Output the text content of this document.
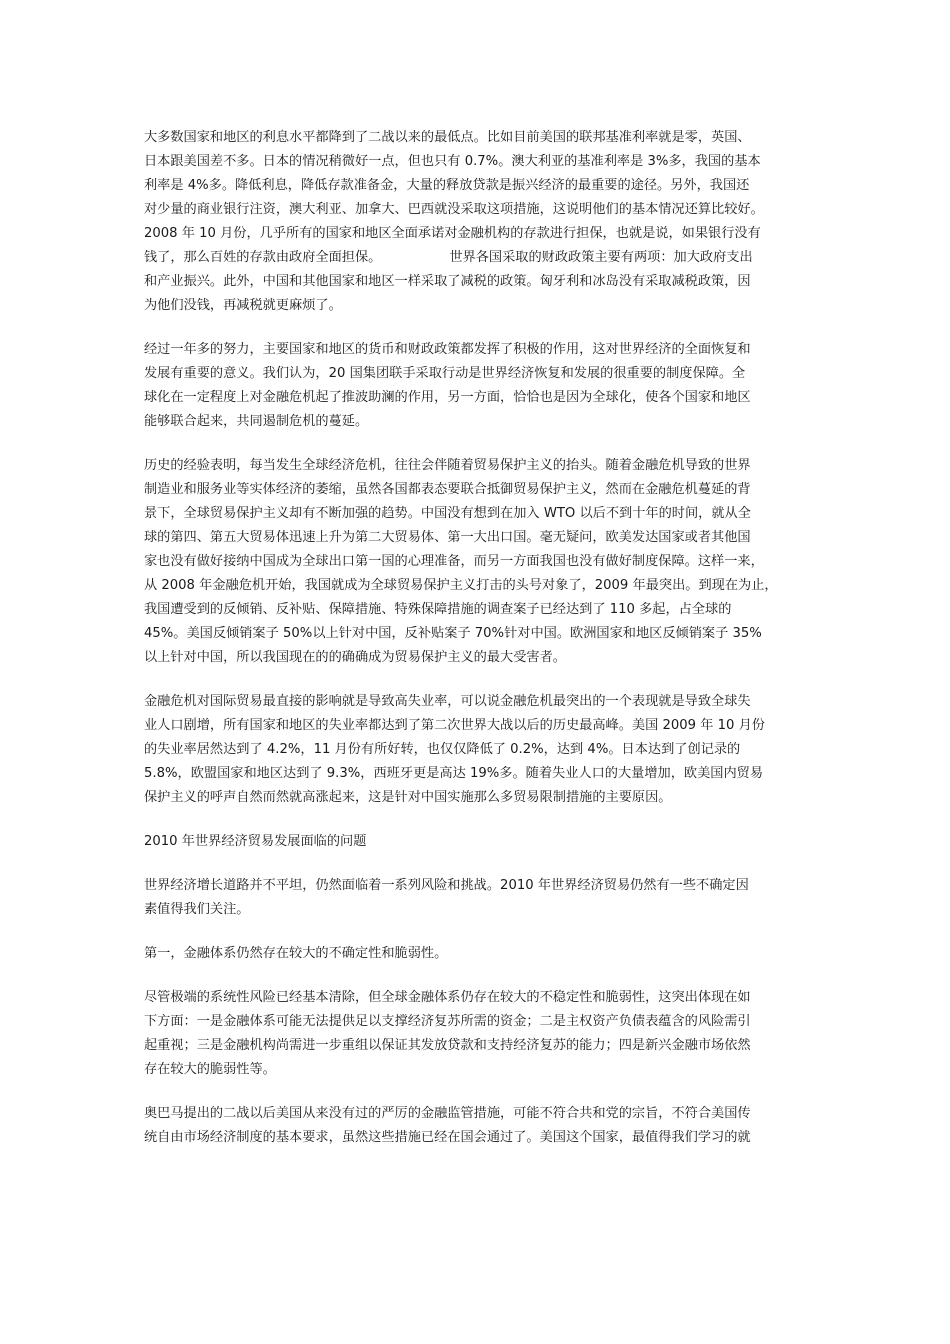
大多数国家和地区的利息水平都降到了二战以来的最低点。比如目前美国的联邦基准利率就是零，英国、
日本跟美国差不多。日本的情况稍微好一点，但也只有 0.7%。澳大利亚的基准利率是 3%多，我国的基本
利率是 4%多。降低利息，降低存款准备金，大量的释放贷款是振兴经济的最重要的途径。另外，我国还
对少量的商业银行注资，澳大利亚、加拿大、巴西就没采取这项措施，这说明他们的基本情况还算比较好。
2008 年 10 月份，几乎所有的国家和地区全面承诺对金融机构的存款进行担保，也就是说，如果银行没有
钱了，那么百姓的存款由政府全面担保。	世界各国采取的财政政策主要有两项：加大政府支出
和产业振兴。此外，中国和其他国家和地区一样采取了减税的政策。匈牙利和冰岛没有采取减税政策，因
为他们没钱，再减税就更麻烦了。
经过一年多的努力，主要国家和地区的货币和财政政策都发挥了积极的作用，这对世界经济的全面恢复和
发展有重要的意义。我们认为，20 国集团联手采取行动是世界经济恢复和发展的很重要的制度保障。全
球化在一定程度上对金融危机起了推波助澜的作用，另一方面，恰恰也是因为全球化，使各个国家和地区
能够联合起来，共同遏制危机的蔓延。
历史的经验表明，每当发生全球经济危机，往往会伴随着贸易保护主义的抬头。随着金融危机导致的世界
制造业和服务业等实体经济的萎缩，虽然各国都表态要联合抵御贸易保护主义，然而在金融危机蔓延的背
景下，全球贸易保护主义却有不断加强的趋势。中国没有想到在加入 WTO 以后不到十年的时间，就从全
球的第四、第五大贸易体迅速上升为第二大贸易体、第一大出口国。毫无疑问，欧美发达国家或者其他国
家也没有做好接纳中国成为全球出口第一国的心理准备，而另一方面我国也没有做好制度保障。这样一来，
从 2008 年金融危机开始，我国就成为全球贸易保护主义打击的头号对象了，2009 年最突出。到现在为止，
我国遭受到的反倾销、反补贴、保障措施、特殊保障措施的调查案子已经达到了 110 多起，占全球的
45%。美国反倾销案子 50%以上针对中国，反补贴案子 70%针对中国。欧洲国家和地区反倾销案子 35%
以上针对中国，所以我国现在的的确确成为贸易保护主义的最大受害者。
金融危机对国际贸易最直接的影响就是导致高失业率，可以说金融危机最突出的一个表现就是导致全球失
业人口剧增，所有国家和地区的失业率都达到了第二次世界大战以后的历史最高峰。美国 2009 年 10 月份
的失业率居然达到了 4.2%，11 月份有所好转，也仅仅降低了 0.2%，达到 4%。日本达到了创记录的
5.8%，欧盟国家和地区达到了 9.3%，西班牙更是高达 19%多。随着失业人口的大量增加，欧美国内贸易
保护主义的呼声自然而然就高涨起来，这是针对中国实施那么多贸易限制措施的主要原因。
2010 年世界经济贸易发展面临的问题
世界经济增长道路并不平坦，仍然面临着一系列风险和挑战。2010 年世界经济贸易仍然有一些不确定因
素值得我们关注。
第一，金融体系仍然存在较大的不确定性和脆弱性。
尽管极端的系统性风险已经基本清除，但全球金融体系仍存在较大的不稳定性和脆弱性，这突出体现在如
下方面：一是金融体系可能无法提供足以支撑经济复苏所需的资金；二是主权资产负债表蕴含的风险需引
起重视；三是金融机构尚需进一步重组以保证其发放贷款和支持经济复苏的能力；四是新兴金融市场依然
存在较大的脆弱性等。
奥巴马提出的二战以后美国从来没有过的严厉的金融监管措施，可能不符合共和党的宗旨，不符合美国传
统自由市场经济制度的基本要求，虽然这些措施已经在国会通过了。美国这个国家，最值得我们学习的就
